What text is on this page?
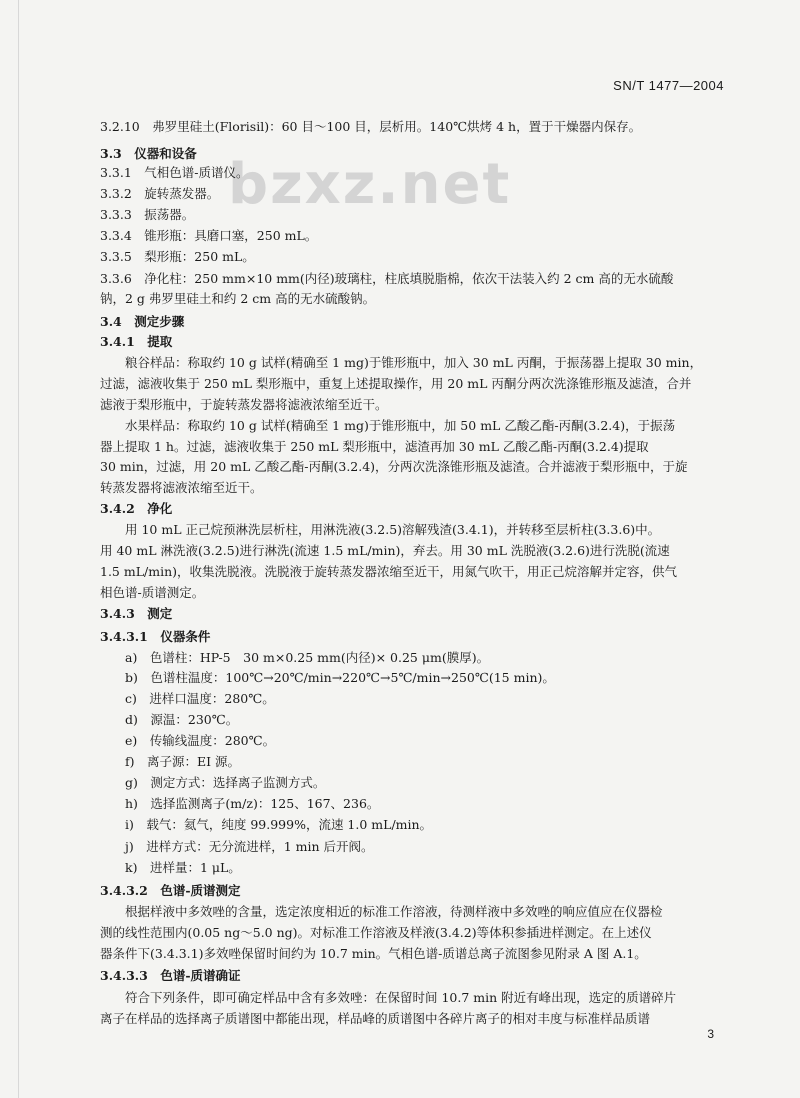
SN/T 1477—2004
bzxz.net
3.2.10　弗罗里硅土(Florisil)：60 目～100 目，层析用。140℃烘烤 4 h，置于干燥器内保存。
3.3　仪器和设备
3.3.1　气相色谱-质谱仪。
3.3.2　旋转蒸发器。
3.3.3　振荡器。
3.3.4　锥形瓶：具磨口塞，250 mL。
3.3.5　梨形瓶：250 mL。
3.3.6　净化柱：250 mm×10 mm(内径)玻璃柱，柱底填脱脂棉，依次干法装入约 2 cm 高的无水硫酸
钠，2 g 弗罗里硅土和约 2 cm 高的无水硫酸钠。
3.4　测定步骤
3.4.1　提取
　　粮谷样品：称取约 10 g 试样(精确至 1 mg)于锥形瓶中，加入 30 mL 丙酮，于振荡器上提取 30 min，
过滤，滤液收集于 250 mL 梨形瓶中，重复上述提取操作，用 20 mL 丙酮分两次洗涤锥形瓶及滤渣，合并
滤液于梨形瓶中，于旋转蒸发器将滤液浓缩至近干。
　　水果样品：称取约 10 g 试样(精确至 1 mg)于锥形瓶中，加 50 mL 乙酸乙酯-丙酮(3.2.4)，于振荡
器上提取 1 h。过滤，滤液收集于 250 mL 梨形瓶中，滤渣再加 30 mL 乙酸乙酯-丙酮(3.2.4)提取
30 min，过滤，用 20 mL 乙酸乙酯-丙酮(3.2.4)，分两次洗涤锥形瓶及滤渣。合并滤液于梨形瓶中，于旋
转蒸发器将滤液浓缩至近干。
3.4.2　净化
　　用 10 mL 正己烷预淋洗层析柱，用淋洗液(3.2.5)溶解残渣(3.4.1)，并转移至层析柱(3.3.6)中。
用 40 mL 淋洗液(3.2.5)进行淋洗(流速 1.5 mL/min)，弃去。用 30 mL 洗脱液(3.2.6)进行洗脱(流速
1.5 mL/min)，收集洗脱液。洗脱液于旋转蒸发器浓缩至近干，用氮气吹干，用正己烷溶解并定容，供气
相色谱-质谱测定。
3.4.3　测定
3.4.3.1　仪器条件
　　a)　色谱柱：HP-5　30 m×0.25 mm(内径)× 0.25 μm(膜厚)。
　　b)　色谱柱温度：100℃→20℃/min→220℃→5℃/min→250℃(15 min)。
　　c)　进样口温度：280℃。
　　d)　源温：230℃。
　　e)　传输线温度：280℃。
　　f)　离子源：EI 源。
　　g)　测定方式：选择离子监测方式。
　　h)　选择监测离子(m/z)：125、167、236。
　　i)　载气：氦气，纯度 99.999%，流速 1.0 mL/min。
　　j)　进样方式：无分流进样，1 min 后开阀。
　　k)　进样量：1 μL。
3.4.3.2　色谱-质谱测定
　　根据样液中多效唑的含量，选定浓度相近的标准工作溶液，待测样液中多效唑的响应值应在仪器检
测的线性范围内(0.05 ng～5.0 ng)。对标准工作溶液及样液(3.4.2)等体积参插进样测定。在上述仪
器条件下(3.4.3.1)多效唑保留时间约为 10.7 min。气相色谱-质谱总离子流图参见附录 A 图 A.1。
3.4.3.3　色谱-质谱确证
　　符合下列条件，即可确定样品中含有多效唑：在保留时间 10.7 min 附近有峰出现，选定的质谱碎片
离子在样品的选择离子质谱图中都能出现，样品峰的质谱图中各碎片离子的相对丰度与标准样品质谱
3
